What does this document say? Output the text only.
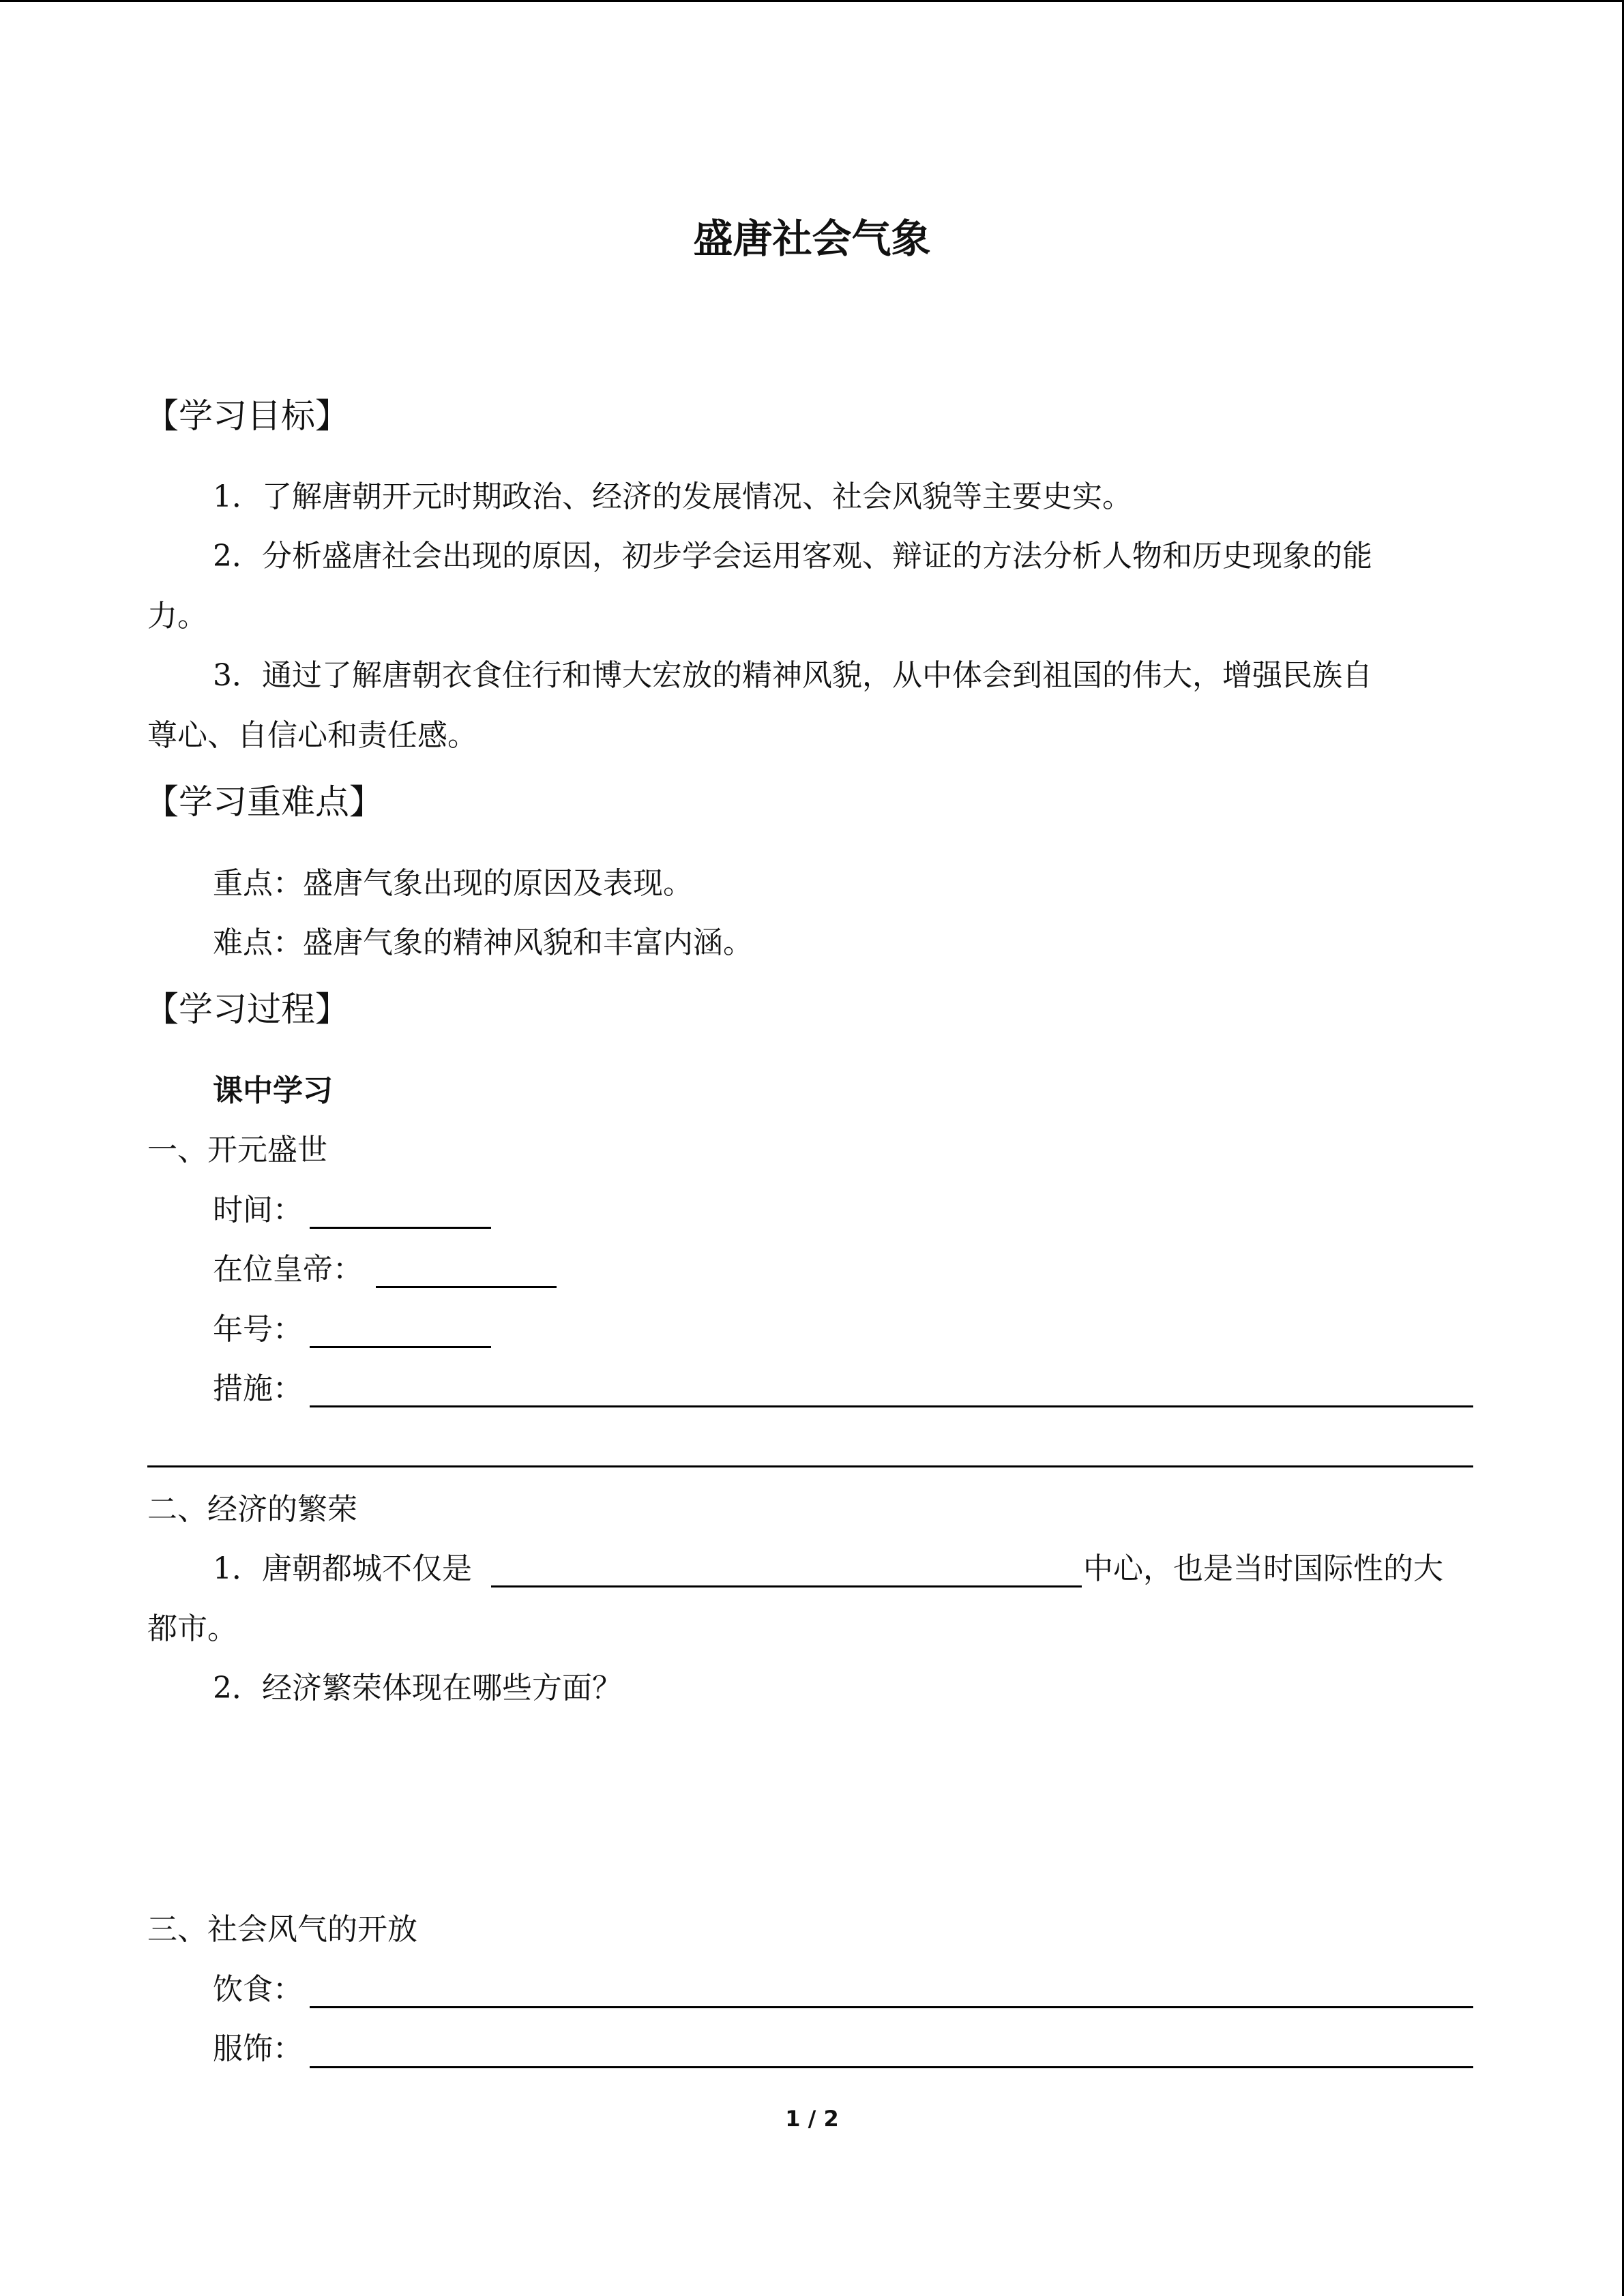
盛唐社会气象
【学习目标】
1．了解唐朝开元时期政治、经济的发展情况、社会风貌等主要史实。
2．分析盛唐社会出现的原因，初步学会运用客观、辩证的方法分析人物和历史现象的能
力。
3．通过了解唐朝衣食住行和博大宏放的精神风貌，从中体会到祖国的伟大，增强民族自
尊心、自信心和责任感。
【学习重难点】
重点：盛唐气象出现的原因及表现。
难点：盛唐气象的精神风貌和丰富内涵。
【学习过程】
课中学习
一、开元盛世
时间：
在位皇帝：
年号：
措施：
二、经济的繁荣
1．唐朝都城不仅是	中心，也是当时国际性的大
都市。
2．经济繁荣体现在哪些方面？
三、社会风气的开放
饮食：
服饰：
1 / 2
